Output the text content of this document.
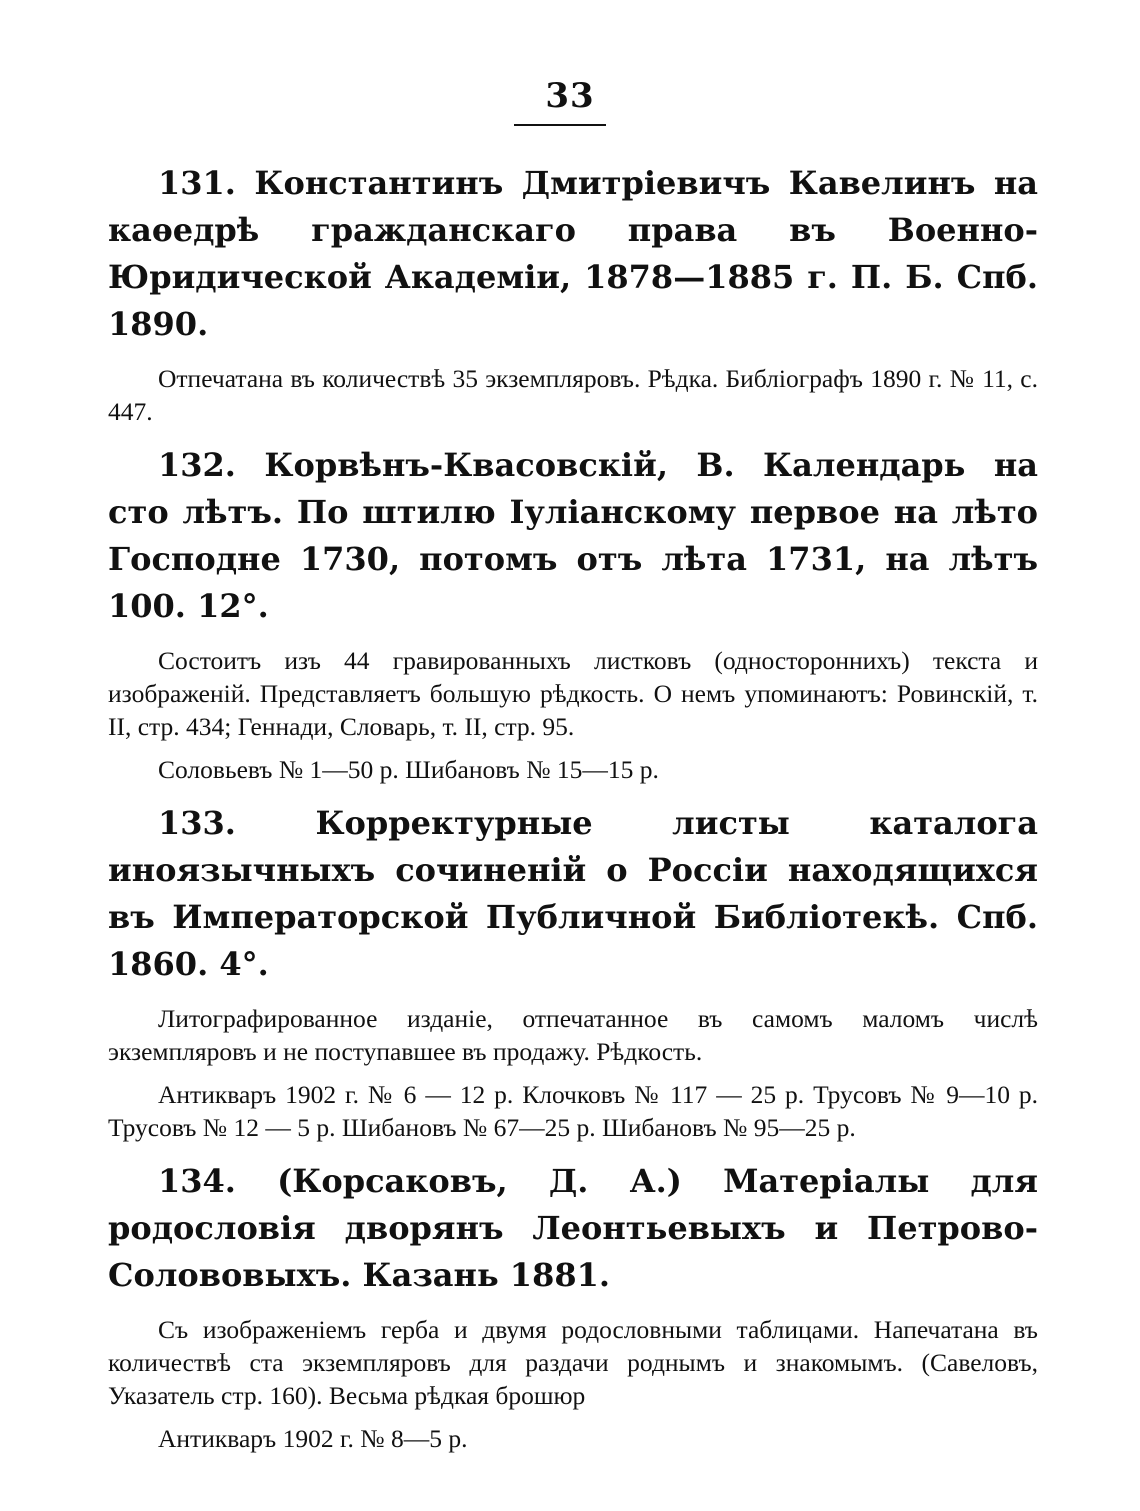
33

131. Константинъ Дмитріевичъ Кавелинъ на каѳедрѣ гражданскаго права въ Военно-Юридической Академіи, 1878—1885 г. П. Б. Спб. 1890.

Отпечатана въ количествѣ 35 экземпляровъ. Рѣдка. Библіографъ 1890 г. № 11, с. 447.

132. Корвѣнъ-Квасовскій, В. Календарь на сто лѣтъ. По штилю Іуліанскому первое на лѣто Господне 1730, потомъ отъ лѣта 1731, на лѣтъ 100. 12°.

Состоитъ изъ 44 гравированныхъ листковъ (одностороннихъ) текста и изображеній. Представляетъ большую рѣдкость. О немъ упоминаютъ: Ровинскій, т. II, стр. 434; Геннади, Словарь, т. II, стр. 95.

Соловьевъ № 1—50 р. Шибановъ № 15—15 р.

133. Корректурные листы каталога иноязычныхъ сочиненій о Россіи находящихся въ Императорской Публичной Библіотекѣ. Спб. 1860. 4°.

Литографированное изданіе, отпечатанное въ самомъ маломъ числѣ экземпляровъ и не поступавшее въ продажу. Рѣдкость.

Антикваръ 1902 г. № 6 — 12 р. Клочковъ № 117 — 25 р. Трусовъ № 9—10 р. Трусовъ № 12 — 5 р. Шибановъ № 67—25 р. Шибановъ № 95—25 р.

134. (Корсаковъ, Д. А.) Матеріалы для родословія дворянъ Леонтьевыхъ и Петрово-Солововыхъ. Казань 1881.

Съ изображеніемъ герба и двумя родословными таблицами. Напечатана въ количествѣ ста экземпляровъ для раздачи роднымъ и знакомымъ. (Савеловъ, Указатель стр. 160). Весьма рѣдкая брошюр

Антикваръ 1902 г. № 8—5 р.
